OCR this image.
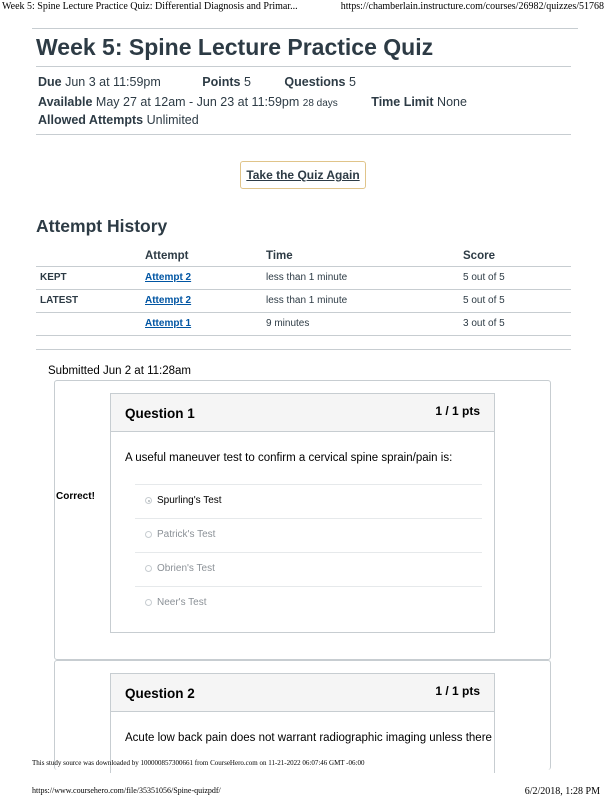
Week 5: Spine Lecture Practice Quiz: Differential Diagnosis and Primar...	https://chamberlain.instructure.com/courses/26982/quizzes/51768
Week 5: Spine Lecture Practice Quiz
Due Jun 3 at 11:59pm	Points 5	Questions 5
Available May 27 at 12am - Jun 23 at 11:59pm 28 days	Time Limit None
Allowed Attempts Unlimited
Take the Quiz Again
Attempt History
	Attempt	Time	Score
KEPT	Attempt 2	less than 1 minute	5 out of 5
LATEST	Attempt 2	less than 1 minute	5 out of 5
	Attempt 1	9 minutes	3 out of 5
Submitted Jun 2 at 11:28am
Correct!
Question 1	1 / 1 pts
A useful maneuver test to confirm a cervical spine sprain/pain is:
Spurling's Test
Patrick's Test
Obrien's Test
Neer's Test
Question 2	1 / 1 pts
Acute low back pain does not warrant radiographic imaging unless there
This study source was downloaded by 100000857300661 from CourseHero.com on 11-21-2022 06:07:46 GMT -06:00
https://www.coursehero.com/file/35351056/Spine-quizpdf/	6/2/2018, 1:28 PM
